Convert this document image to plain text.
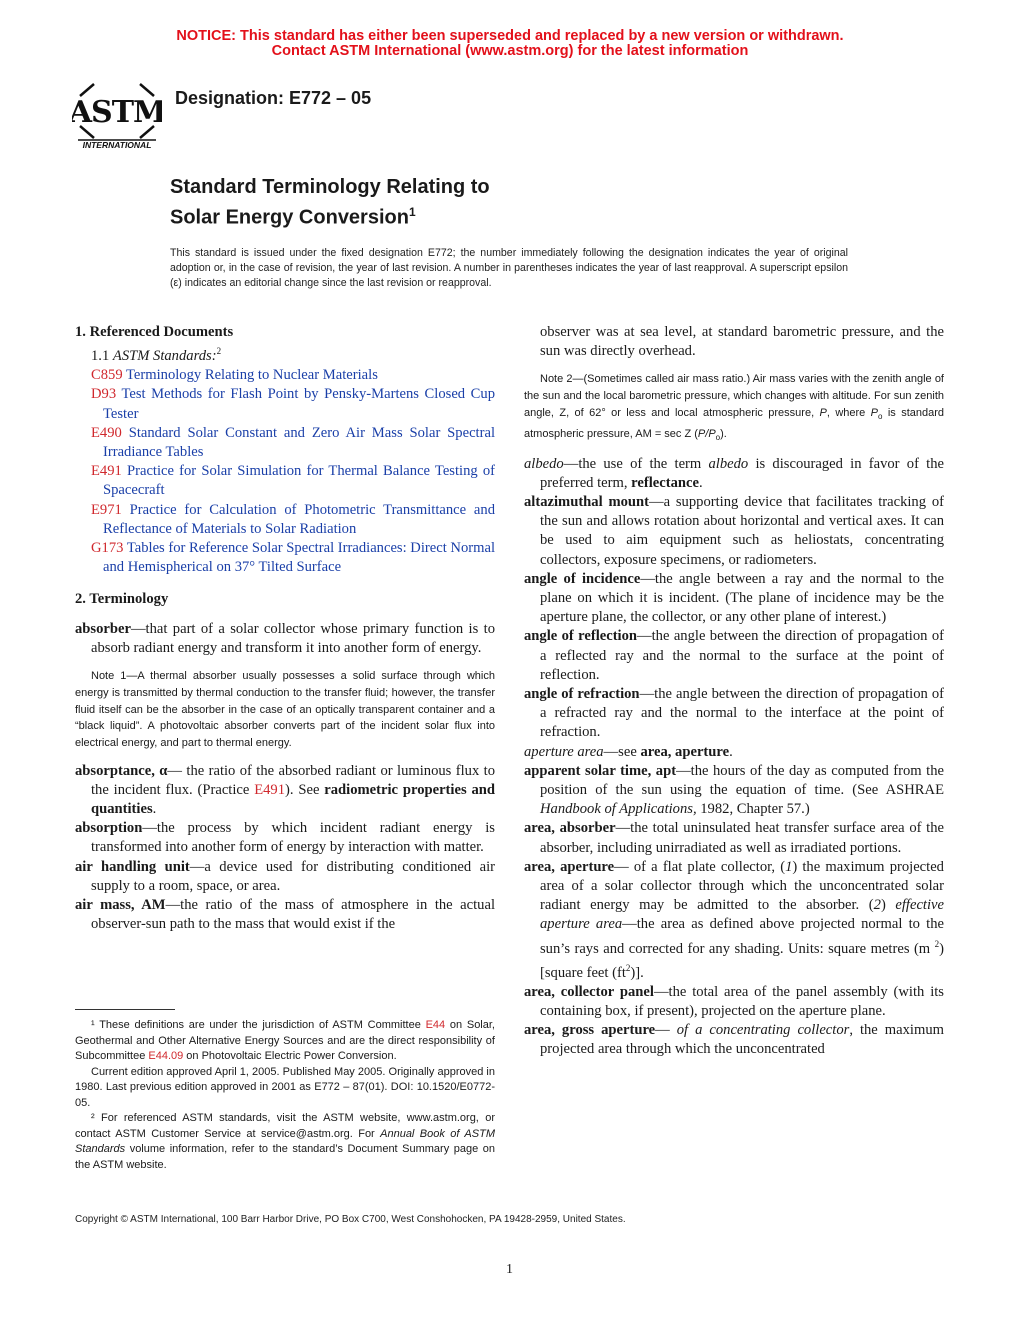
NOTICE: This standard has either been superseded and replaced by a new version or withdrawn.
Contact ASTM International (www.astm.org) for the latest information
ASTM
INTERNATIONAL
Designation: E772 – 05
Standard Terminology Relating to
Solar Energy Conversion$^1$
This standard is issued under the fixed designation E772; the number immediately following the designation indicates the year of original adoption or, in the case of revision, the year of last revision. A number in parentheses indicates the year of last reapproval. A superscript epsilon (ε) indicates an editorial change since the last revision or reapproval.

1. Referenced Documents

1.1 ASTM Standards:$^2$

C859 Terminology Relating to Nuclear Materials

D93 Test Methods for Flash Point by Pensky-Martens Closed Cup Tester

E490 Standard Solar Constant and Zero Air Mass Solar Spectral Irradiance Tables

E491 Practice for Solar Simulation for Thermal Balance Testing of Spacecraft

E971 Practice for Calculation of Photometric Transmittance and Reflectance of Materials to Solar Radiation

G173 Tables for Reference Solar Spectral Irradiances: Direct Normal and Hemispherical on 37° Tilted Surface

2. Terminology

absorber—that part of a solar collector whose primary function is to absorb radiant energy and transform it into another form of energy.

Note 1—A thermal absorber usually possesses a solid surface through which energy is transmitted by thermal conduction to the transfer fluid; however, the transfer fluid itself can be the absorber in the case of an optically transparent container and a “black liquid”. A photovoltaic absorber converts part of the incident solar flux into electrical energy, and part to thermal energy.

absorptance, α— the ratio of the absorbed radiant or luminous flux to the incident flux. (Practice E491). See radiometric properties and quantities.

absorption—the process by which incident radiant energy is transformed into another form of energy by interaction with matter.

air handling unit—a device used for distributing conditioned air supply to a room, space, or area.

air mass, AM—the ratio of the mass of atmosphere in the actual observer-sun path to the mass that would exist if the

¹ These definitions are under the jurisdiction of ASTM Committee E44 on Solar, Geothermal and Other Alternative Energy Sources and are the direct responsibility of Subcommittee E44.09 on Photovoltaic Electric Power Conversion.

Current edition approved April 1, 2005. Published May 2005. Originally approved in 1980. Last previous edition approved in 2001 as E772 – 87(01). DOI: 10.1520/E0772-05.

² For referenced ASTM standards, visit the ASTM website, www.astm.org, or contact ASTM Customer Service at service@astm.org. For Annual Book of ASTM Standards volume information, refer to the standard’s Document Summary page on the ASTM website.

observer was at sea level, at standard barometric pressure, and the sun was directly overhead.

Note 2—(Sometimes called air mass ratio.) Air mass varies with the zenith angle of the sun and the local barometric pressure, which changes with altitude. For sun zenith angle, Z, of 62° or less and local atmospheric pressure, P, where $P_o$ is standard atmospheric pressure, AM = sec Z $(P/P_o)$.

albedo—the use of the term albedo is discouraged in favor of the preferred term, reflectance.

altazimuthal mount—a supporting device that facilitates tracking of the sun and allows rotation about horizontal and vertical axes. It can be used to aim equipment such as heliostats, concentrating collectors, exposure specimens, or radiometers.

angle of incidence—the angle between a ray and the normal to the plane on which it is incident. (The plane of incidence may be the aperture plane, the collector, or any other plane of interest.)

angle of reflection—the angle between the direction of propagation of a reflected ray and the normal to the surface at the point of reflection.

angle of refraction—the angle between the direction of propagation of a refracted ray and the normal to the interface at the point of refraction.

aperture area—see area, aperture.

apparent solar time, apt—the hours of the day as computed from the position of the sun using the equation of time. (See ASHRAE Handbook of Applications, 1982, Chapter 57.)

area, absorber—the total uninsulated heat transfer surface area of the absorber, including unirradiated as well as irradiated portions.

area, aperture— of a flat plate collector, (1) the maximum projected area of a solar collector through which the unconcentrated solar radiant energy may be admitted to the absorber. (2) effective aperture area—the area as defined above projected normal to the sun’s rays and corrected for any shading. Units: square metres (m $^2$) [square feet $(ft^2)$].

area, collector panel—the total area of the panel assembly (with its containing box, if present), projected on the aperture plane.

area, gross aperture— of a concentrating collector, the maximum projected area through which the unconcentrated

Copyright © ASTM International, 100 Barr Harbor Drive, PO Box C700, West Conshohocken, PA 19428-2959, United States.
1
